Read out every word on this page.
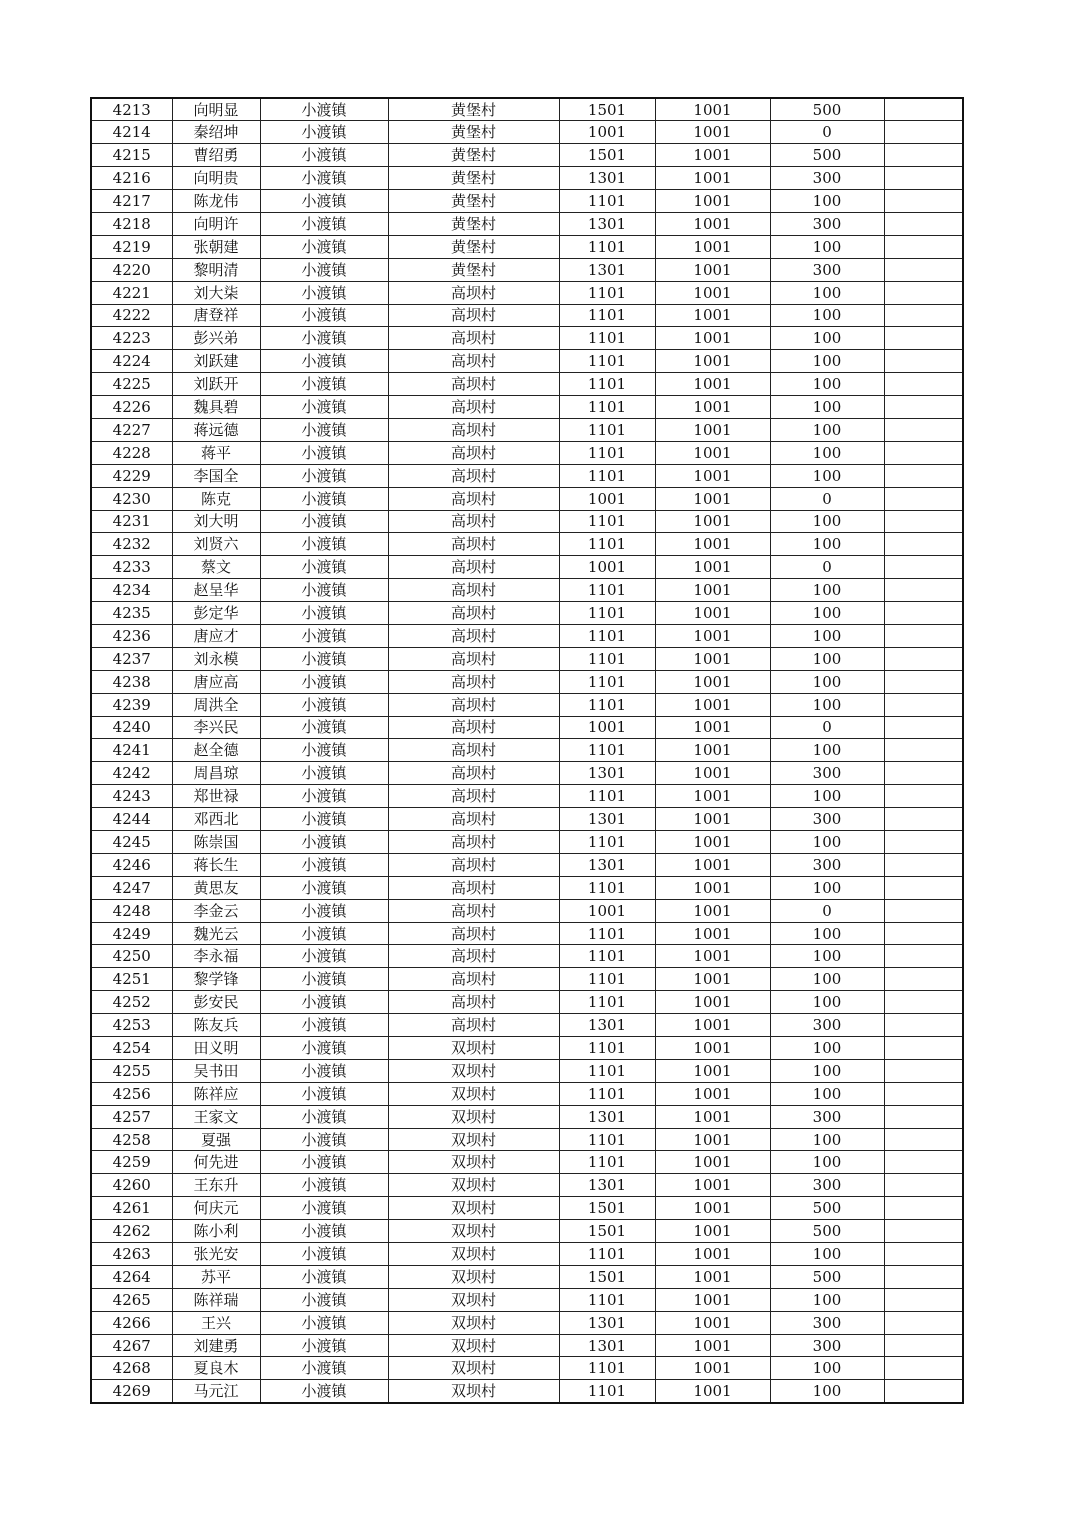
4213	向明显	小渡镇	黄堡村	1501	1001	500	
4214	秦绍坤	小渡镇	黄堡村	1001	1001	0	
4215	曹绍勇	小渡镇	黄堡村	1501	1001	500	
4216	向明贵	小渡镇	黄堡村	1301	1001	300	
4217	陈龙伟	小渡镇	黄堡村	1101	1001	100	
4218	向明许	小渡镇	黄堡村	1301	1001	300	
4219	张朝建	小渡镇	黄堡村	1101	1001	100	
4220	黎明清	小渡镇	黄堡村	1301	1001	300	
4221	刘大柒	小渡镇	高坝村	1101	1001	100	
4222	唐登祥	小渡镇	高坝村	1101	1001	100	
4223	彭兴弟	小渡镇	高坝村	1101	1001	100	
4224	刘跃建	小渡镇	高坝村	1101	1001	100	
4225	刘跃开	小渡镇	高坝村	1101	1001	100	
4226	魏具碧	小渡镇	高坝村	1101	1001	100	
4227	蒋远德	小渡镇	高坝村	1101	1001	100	
4228	蒋平	小渡镇	高坝村	1101	1001	100	
4229	李国全	小渡镇	高坝村	1101	1001	100	
4230	陈克	小渡镇	高坝村	1001	1001	0	
4231	刘大明	小渡镇	高坝村	1101	1001	100	
4232	刘贤六	小渡镇	高坝村	1101	1001	100	
4233	蔡文	小渡镇	高坝村	1001	1001	0	
4234	赵呈华	小渡镇	高坝村	1101	1001	100	
4235	彭定华	小渡镇	高坝村	1101	1001	100	
4236	唐应才	小渡镇	高坝村	1101	1001	100	
4237	刘永模	小渡镇	高坝村	1101	1001	100	
4238	唐应高	小渡镇	高坝村	1101	1001	100	
4239	周洪全	小渡镇	高坝村	1101	1001	100	
4240	李兴民	小渡镇	高坝村	1001	1001	0	
4241	赵全德	小渡镇	高坝村	1101	1001	100	
4242	周昌琼	小渡镇	高坝村	1301	1001	300	
4243	郑世禄	小渡镇	高坝村	1101	1001	100	
4244	邓西北	小渡镇	高坝村	1301	1001	300	
4245	陈崇国	小渡镇	高坝村	1101	1001	100	
4246	蒋长生	小渡镇	高坝村	1301	1001	300	
4247	黄思友	小渡镇	高坝村	1101	1001	100	
4248	李金云	小渡镇	高坝村	1001	1001	0	
4249	魏光云	小渡镇	高坝村	1101	1001	100	
4250	李永福	小渡镇	高坝村	1101	1001	100	
4251	黎学锋	小渡镇	高坝村	1101	1001	100	
4252	彭安民	小渡镇	高坝村	1101	1001	100	
4253	陈友兵	小渡镇	高坝村	1301	1001	300	
4254	田义明	小渡镇	双坝村	1101	1001	100	
4255	吴书田	小渡镇	双坝村	1101	1001	100	
4256	陈祥应	小渡镇	双坝村	1101	1001	100	
4257	王家文	小渡镇	双坝村	1301	1001	300	
4258	夏强	小渡镇	双坝村	1101	1001	100	
4259	何先进	小渡镇	双坝村	1101	1001	100	
4260	王东升	小渡镇	双坝村	1301	1001	300	
4261	何庆元	小渡镇	双坝村	1501	1001	500	
4262	陈小利	小渡镇	双坝村	1501	1001	500	
4263	张光安	小渡镇	双坝村	1101	1001	100	
4264	苏平	小渡镇	双坝村	1501	1001	500	
4265	陈祥瑞	小渡镇	双坝村	1101	1001	100	
4266	王兴	小渡镇	双坝村	1301	1001	300	
4267	刘建勇	小渡镇	双坝村	1301	1001	300	
4268	夏良木	小渡镇	双坝村	1101	1001	100	
4269	马元江	小渡镇	双坝村	1101	1001	100	
